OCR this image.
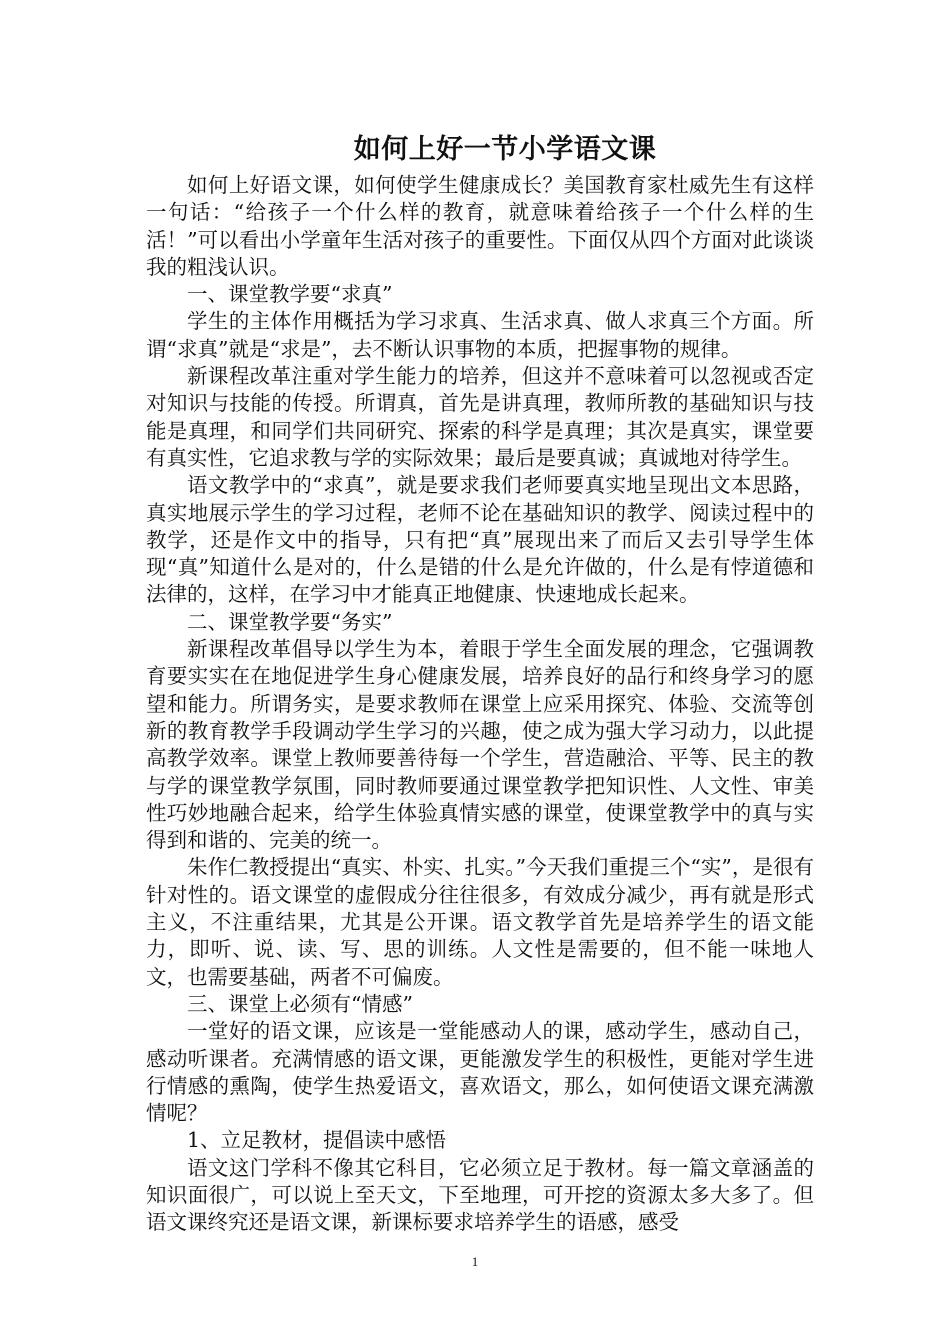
如何上好一节小学语文课

如何上好语文课，如何使学生健康成长？美国教育家杜威先生有这样一句话：“给孩子一个什么样的教育，就意味着给孩子一个什么样的生活！”可以看出小学童年生活对孩子的重要性。下面仅从四个方面对此谈谈我的粗浅认识。

一、课堂教学要“求真”

学生的主体作用概括为学习求真、生活求真、做人求真三个方面。所谓“求真”就是“求是”，去不断认识事物的本质，把握事物的规律。

新课程改革注重对学生能力的培养，但这并不意味着可以忽视或否定对知识与技能的传授。所谓真，首先是讲真理，教师所教的基础知识与技能是真理，和同学们共同研究、探索的科学是真理；其次是真实，课堂要有真实性，它追求教与学的实际效果；最后是要真诚；真诚地对待学生。

语文教学中的“求真”，就是要求我们老师要真实地呈现出文本思路，真实地展示学生的学习过程，老师不论在基础知识的教学、阅读过程中的教学，还是作文中的指导，只有把“真”展现出来了而后又去引导学生体现“真”知道什么是对的，什么是错的什么是允许做的，什么是有悖道德和法律的，这样，在学习中才能真正地健康、快速地成长起来。

二、课堂教学要“务实”

新课程改革倡导以学生为本，着眼于学生全面发展的理念，它强调教育要实实在在地促进学生身心健康发展，培养良好的品行和终身学习的愿望和能力。所谓务实，是要求教师在课堂上应采用探究、体验、交流等创新的教育教学手段调动学生学习的兴趣，使之成为强大学习动力，以此提高教学效率。课堂上教师要善待每一个学生，营造融洽、平等、民主的教与学的课堂教学氛围，同时教师要通过课堂教学把知识性、人文性、审美性巧妙地融合起来，给学生体验真情实感的课堂，使课堂教学中的真与实得到和谐的、完美的统一。

朱作仁教授提出“真实、朴实、扎实。”今天我们重提三个“实”，是很有针对性的。语文课堂的虚假成分往往很多，有效成分减少，再有就是形式主义，不注重结果，尤其是公开课。语文教学首先是培养学生的语文能力，即听、说、读、写、思的训练。人文性是需要的，但不能一味地人文，也需要基础，两者不可偏废。

三、课堂上必须有“情感”

一堂好的语文课，应该是一堂能感动人的课，感动学生，感动自己，感动听课者。充满情感的语文课，更能激发学生的积极性，更能对学生进行情感的熏陶，使学生热爱语文，喜欢语文，那么，如何使语文课充满激情呢？

1、立足教材，提倡读中感悟

语文这门学科不像其它科目，它必须立足于教材。每一篇文章涵盖的知识面很广，可以说上至天文，下至地理，可开挖的资源太多大多了。但语文课终究还是语文课，新课标要求培养学生的语感，感受

1
